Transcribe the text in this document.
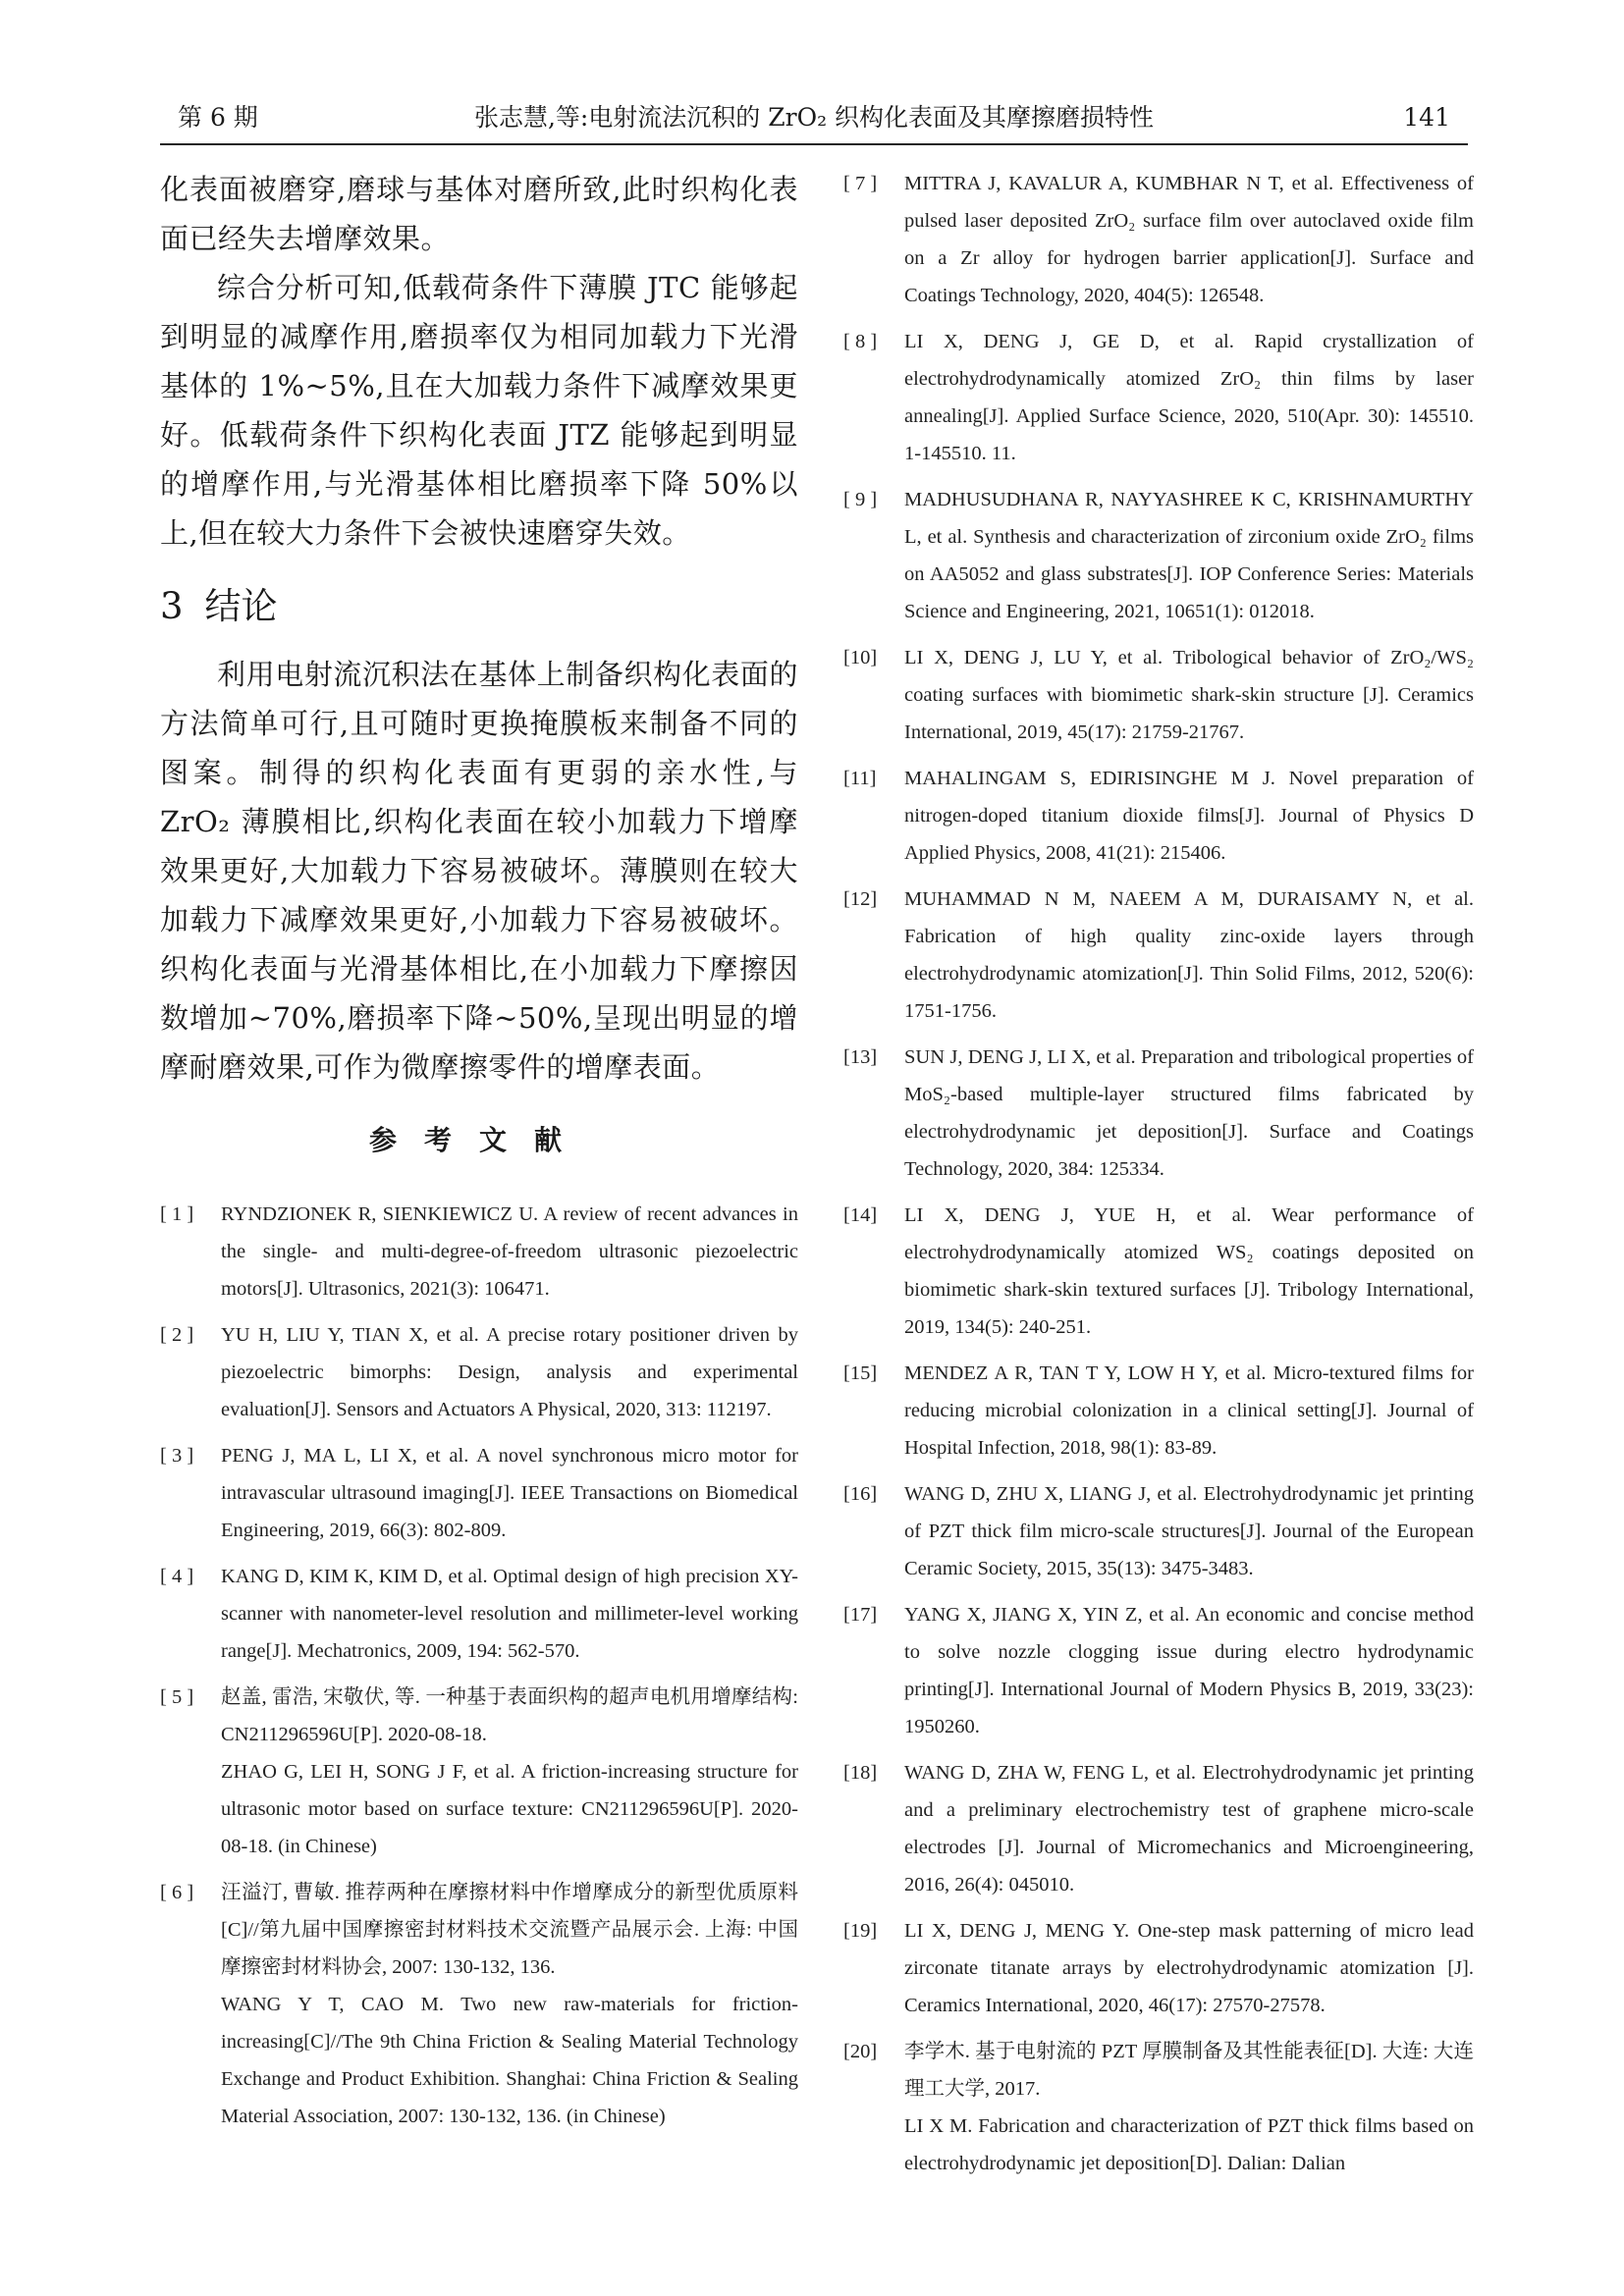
第 6 期	张志慧,等:电射流法沉积的 ZrO₂ 织构化表面及其摩擦磨损特性	141

化表面被磨穿,磨球与基体对磨所致,此时织构化表面已经失去增摩效果。

综合分析可知,低载荷条件下薄膜 JTC 能够起到明显的减摩作用,磨损率仅为相同加载力下光滑基体的 1%~5%,且在大加载力条件下减摩效果更好。低载荷条件下织构化表面 JTZ 能够起到明显的增摩作用,与光滑基体相比磨损率下降 50%以上,但在较大力条件下会被快速磨穿失效。

3 结论

利用电射流沉积法在基体上制备织构化表面的方法简单可行,且可随时更换掩膜板来制备不同的图案。制得的织构化表面有更弱的亲水性,与 ZrO₂ 薄膜相比,织构化表面在较小加载力下增摩效果更好,大加载力下容易被破坏。薄膜则在较大加载力下减摩效果更好,小加载力下容易被破坏。织构化表面与光滑基体相比,在小加载力下摩擦因数增加~70%,磨损率下降~50%,呈现出明显的增摩耐磨效果,可作为微摩擦零件的增摩表面。

参考文献
[ 1 ]	RYNDZIONEK R, SIENKIEWICZ U. A review of recent advances in the single- and multi-degree-of-freedom ultrasonic piezoelectric motors[J]. Ultrasonics, 2021(3): 106471.
[ 2 ]	YU H, LIU Y, TIAN X, et al. A precise rotary positioner driven by piezoelectric bimorphs: Design, analysis and experimental evaluation[J]. Sensors and Actuators A Physical, 2020, 313: 112197.
[ 3 ]	PENG J, MA L, LI X, et al. A novel synchronous micro motor for intravascular ultrasound imaging[J]. IEEE Transactions on Biomedical Engineering, 2019, 66(3): 802-809.
[ 4 ]	KANG D, KIM K, KIM D, et al. Optimal design of high precision XY-scanner with nanometer-level resolution and millimeter-level working range[J]. Mechatronics, 2009, 194: 562-570.
[ 5 ]	赵盖, 雷浩, 宋敬伏, 等. 一种基于表面织构的超声电机用增摩结构: CN211296596U[P]. 2020-08-18.
ZHAO G, LEI H, SONG J F, et al. A friction-increasing structure for ultrasonic motor based on surface texture: CN211296596U[P]. 2020-08-18. (in Chinese)
[ 6 ]	汪溢汀, 曹敏. 推荐两种在摩擦材料中作增摩成分的新型优质原料[C]//第九届中国摩擦密封材料技术交流暨产品展示会. 上海: 中国摩擦密封材料协会, 2007: 130-132, 136.
WANG Y T, CAO M. Two new raw-materials for friction-increasing[C]//The 9th China Friction & Sealing Material Technology Exchange and Product Exhibition. Shanghai: China Friction & Sealing Material Association, 2007: 130-132, 136. (in Chinese)
[ 7 ]	MITTRA J, KAVALUR A, KUMBHAR N T, et al. Effectiveness of pulsed laser deposited ZrO₂ surface film over autoclaved oxide film on a Zr alloy for hydrogen barrier application[J]. Surface and Coatings Technology, 2020, 404(5): 126548.
[ 8 ]	LI X, DENG J, GE D, et al. Rapid crystallization of electrohydrodynamically atomized ZrO₂ thin films by laser annealing[J]. Applied Surface Science, 2020, 510(Apr. 30): 145510. 1-145510. 11.
[ 9 ]	MADHUSUDHANA R, NAYYASHREE K C, KRISHNAMURTHY L, et al. Synthesis and characterization of zirconium oxide ZrO₂ films on AA5052 and glass substrates[J]. IOP Conference Series: Materials Science and Engineering, 2021, 10651(1): 012018.
[10]	LI X, DENG J, LU Y, et al. Tribological behavior of ZrO₂/WS₂ coating surfaces with biomimetic shark-skin structure [J]. Ceramics International, 2019, 45(17): 21759-21767.
[11]	MAHALINGAM S, EDIRISINGHE M J. Novel preparation of nitrogen-doped titanium dioxide films[J]. Journal of Physics D Applied Physics, 2008, 41(21): 215406.
[12]	MUHAMMAD N M, NAEEM A M, DURAISAMY N, et al. Fabrication of high quality zinc-oxide layers through electrohydrodynamic atomization[J]. Thin Solid Films, 2012, 520(6): 1751-1756.
[13]	SUN J, DENG J, LI X, et al. Preparation and tribological properties of MoS₂-based multiple-layer structured films fabricated by electrohydrodynamic jet deposition[J]. Surface and Coatings Technology, 2020, 384: 125334.
[14]	LI X, DENG J, YUE H, et al. Wear performance of electrohydrodynamically atomized WS₂ coatings deposited on biomimetic shark-skin textured surfaces [J]. Tribology International, 2019, 134(5): 240-251.
[15]	MENDEZ A R, TAN T Y, LOW H Y, et al. Micro-textured films for reducing microbial colonization in a clinical setting[J]. Journal of Hospital Infection, 2018, 98(1): 83-89.
[16]	WANG D, ZHU X, LIANG J, et al. Electrohydrodynamic jet printing of PZT thick film micro-scale structures[J]. Journal of the European Ceramic Society, 2015, 35(13): 3475-3483.
[17]	YANG X, JIANG X, YIN Z, et al. An economic and concise method to solve nozzle clogging issue during electro hydrodynamic printing[J]. International Journal of Modern Physics B, 2019, 33(23): 1950260.
[18]	WANG D, ZHA W, FENG L, et al. Electrohydrodynamic jet printing and a preliminary electrochemistry test of graphene micro-scale electrodes [J]. Journal of Micromechanics and Microengineering, 2016, 26(4): 045010.
[19]	LI X, DENG J, MENG Y. One-step mask patterning of micro lead zirconate titanate arrays by electrohydrodynamic atomization [J]. Ceramics International, 2020, 46(17): 27570-27578.
[20]	李学木. 基于电射流的 PZT 厚膜制备及其性能表征[D]. 大连: 大连理工大学, 2017.
LI X M. Fabrication and characterization of PZT thick films based on electrohydrodynamic jet deposition[D]. Dalian: Dalian
